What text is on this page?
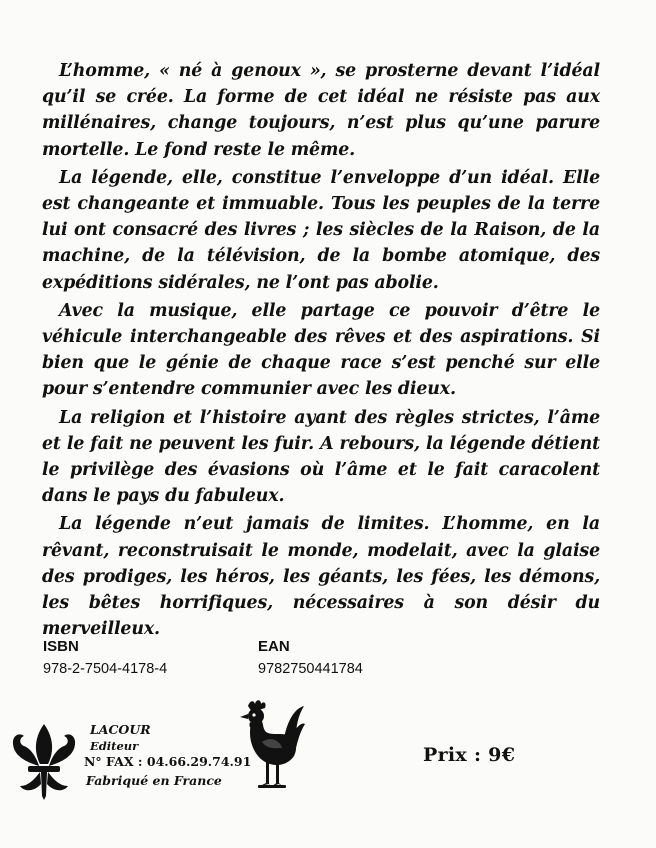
L’homme, « né à genoux », se prosterne devant l’idéal qu’il se crée. La forme de cet idéal ne résiste pas aux millénaires, change toujours, n’est plus qu’une parure mortelle. Le fond reste le même.

La légende, elle, constitue l’enveloppe d’un idéal. Elle est changeante et immuable. Tous les peuples de la terre lui ont consacré des livres ; les siècles de la Raison, de la machine, de la télévision, de la bombe atomique, des expéditions sidérales, ne l’ont pas abolie.

Avec la musique, elle partage ce pouvoir d’être le véhicule interchangeable des rêves et des aspirations. Si bien que le génie de chaque race s’est penché sur elle pour s’entendre communier avec les dieux.

La religion et l’histoire ayant des règles strictes, l’âme et le fait ne peuvent les fuir. A rebours, la légende détient le privilège des évasions où l’âme et le fait caracolent dans le pays du fabuleux.

La légende n’eut jamais de limites. L’homme, en la rêvant, reconstruisait le monde, modelait, avec la glaise des prodiges, les héros, les géants, les fées, les démons, les bêtes horrifiques, nécessaires à son désir du merveilleux.

ISBN
978-2-7504-4178-4
EAN
9782750441784
LACOUR
Editeur
N° FAX : 04.66.29.74.91
Fabriqué en France
Prix : 9€
